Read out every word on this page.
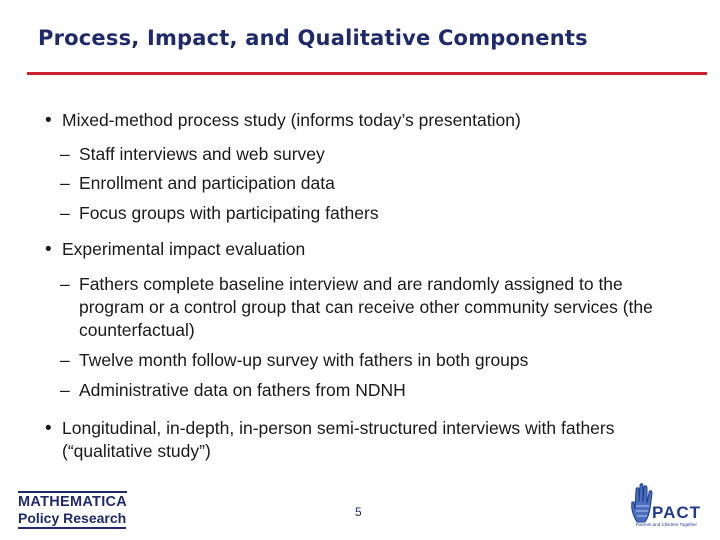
Process, Impact, and Qualitative Components
• Mixed-method process study (informs today’s presentation)
– Staff interviews and web survey
– Enrollment and participation data
– Focus groups with participating fathers
• Experimental impact evaluation
– Fathers complete baseline interview and are randomly assigned to the program or a control group that can receive other community services (the counterfactual)
– Twelve month follow-up survey with fathers in both groups
– Administrative data on fathers from NDNH
• Longitudinal, in-depth, in-person semi-structured interviews with fathers (“qualitative study”)
MATHEMATICA
Policy Research	5	PACT
Parents and Children Together
